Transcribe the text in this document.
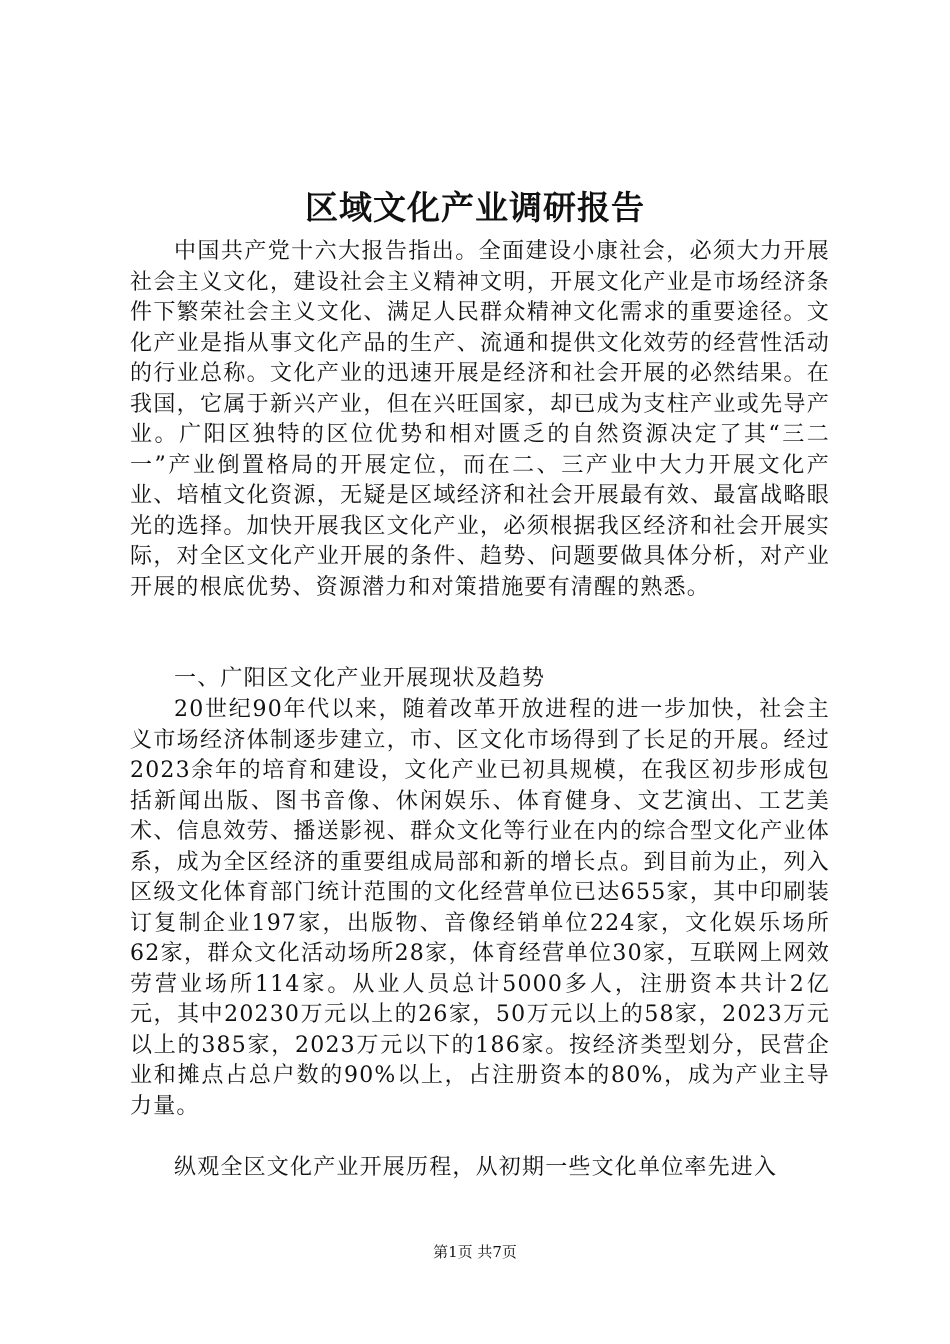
区域文化产业调研报告

中国共产党十六大报告指出。全面建设小康社会，必须大力开展社会主义文化，建设社会主义精神文明，开展文化产业是市场经济条件下繁荣社会主义文化、满足人民群众精神文化需求的重要途径。文化产业是指从事文化产品的生产、流通和提供文化效劳的经营性活动的行业总称。文化产业的迅速开展是经济和社会开展的必然结果。在我国，它属于新兴产业，但在兴旺国家，却已成为支柱产业或先导产业。广阳区独特的区位优势和相对匮乏的自然资源决定了其“三二一”产业倒置格局的开展定位，而在二、三产业中大力开展文化产业、培植文化资源，无疑是区域经济和社会开展最有效、最富战略眼光的选择。加快开展我区文化产业，必须根据我区经济和社会开展实际，对全区文化产业开展的条件、趋势、问题要做具体分析，对产业开展的根底优势、资源潜力和对策措施要有清醒的熟悉。

一、广阳区文化产业开展现状及趋势

20世纪90年代以来，随着改革开放进程的进一步加快，社会主义市场经济体制逐步建立，市、区文化市场得到了长足的开展。经过2023余年的培育和建设，文化产业已初具规模，在我区初步形成包括新闻出版、图书音像、休闲娱乐、体育健身、文艺演出、工艺美术、信息效劳、播送影视、群众文化等行业在内的综合型文化产业体系，成为全区经济的重要组成局部和新的增长点。到目前为止，列入区级文化体育部门统计范围的文化经营单位已达655家，其中印刷装订复制企业197家，出版物、音像经销单位224家，文化娱乐场所62家，群众文化活动场所28家，体育经营单位30家，互联网上网效劳营业场所114家。从业人员总计5000多人，注册资本共计2亿元，其中20230万元以上的26家，50万元以上的58家，2023万元以上的385家，2023万元以下的186家。按经济类型划分，民营企业和摊点占总户数的90%以上，占注册资本的80%，成为产业主导力量。

纵观全区文化产业开展历程，从初期一些文化单位率先进入

第1页 共7页
